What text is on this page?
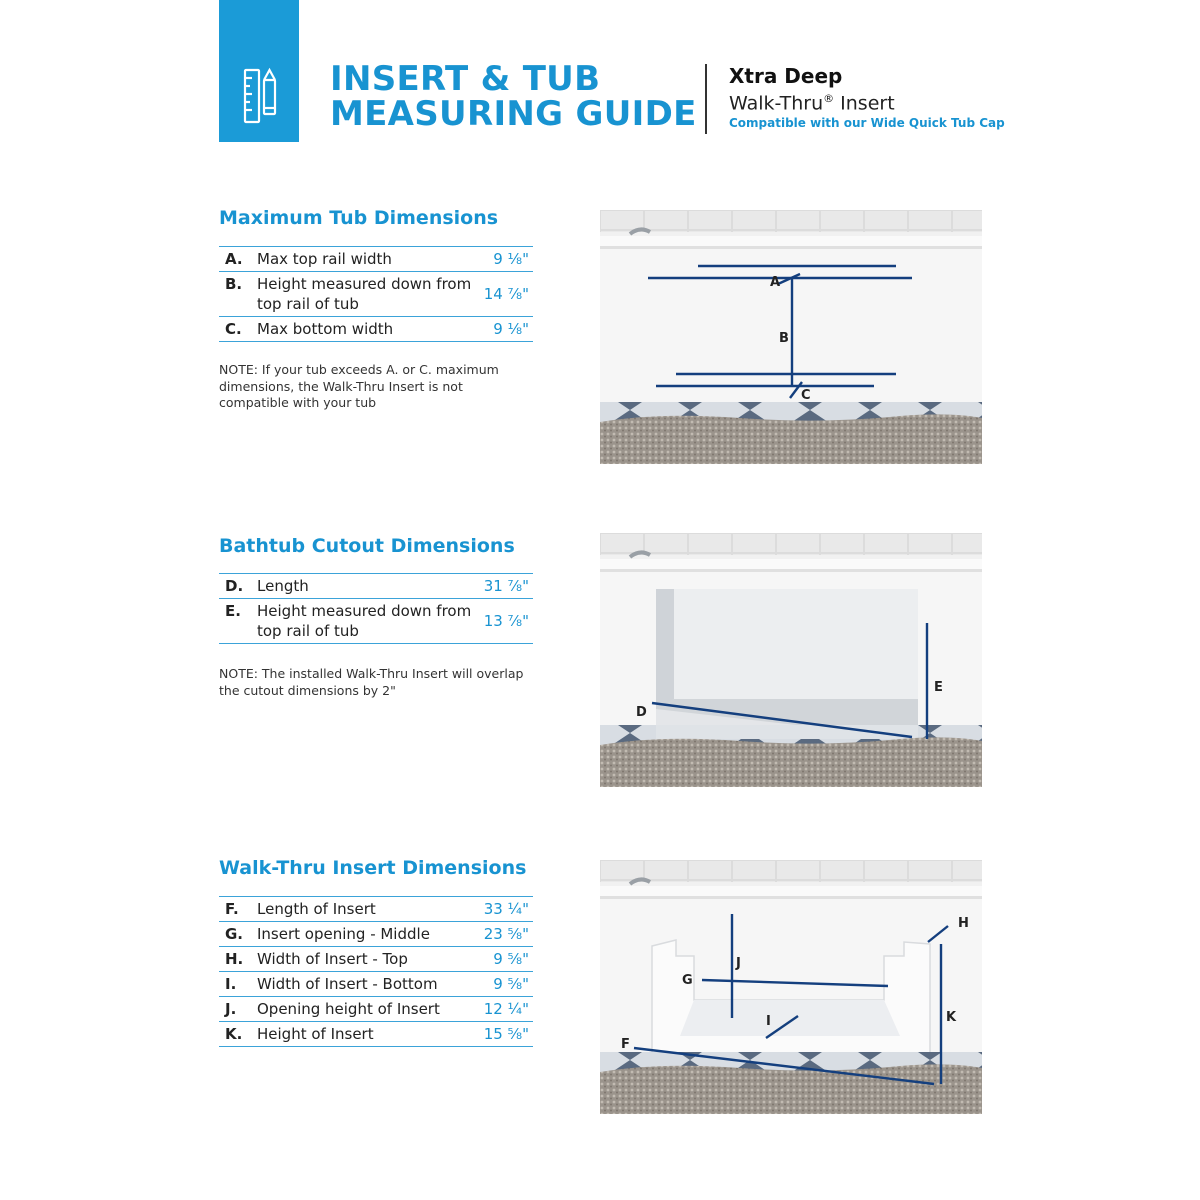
INSERT & TUB
MEASURING GUIDE
Xtra Deep
Walk-Thru® Insert
Compatible with our Wide Quick Tub Cap
Maximum Tub Dimensions
A.	Max top rail width	9 ⅛"
B.	Height measured down from top rail of tub	14 ⅞"
C.	Max bottom width	9 ⅛"
NOTE: If your tub exceeds A. or C. maximum dimensions, the Walk-Thru Insert is not compatible with your tub
A
B
C
Bathtub Cutout Dimensions
D.	Length	31 ⅞"
E.	Height measured down from top rail of tub	13 ⅞"
NOTE: The installed Walk-Thru Insert will overlap the cutout dimensions by 2"
D
E
Walk-Thru Insert Dimensions
F.	Length of Insert	33 ¼"
G.	Insert opening - Middle	23 ⅝"
H.	Width of Insert - Top	9 ⅝"
I.	Width of Insert - Bottom	9 ⅝"
J.	Opening height of Insert	12 ¼"
K.	Height of Insert	15 ⅝"
G
J
I
H
K
F
